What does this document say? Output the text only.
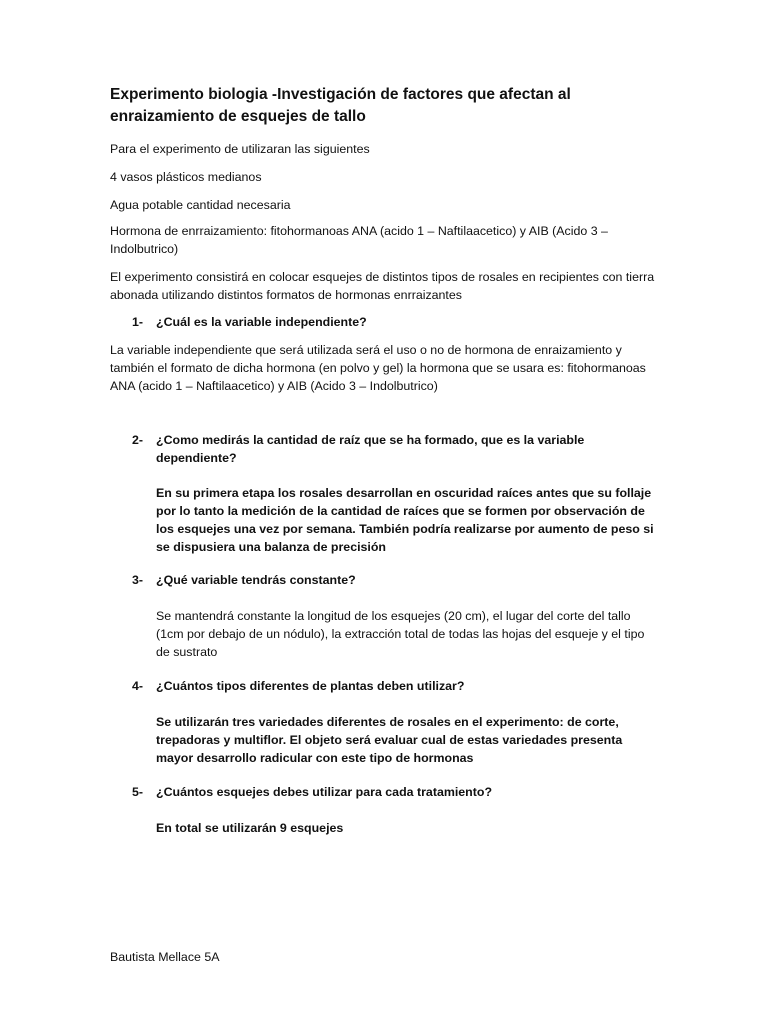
Experimento biologia -Investigación de factores que afectan al enraizamiento de esquejes de tallo

Para el experimento de utilizaran las siguientes

4 vasos plásticos medianos

Agua potable cantidad necesaria

Hormona de enrraizamiento: fitohormanoas ANA (acido 1 – Naftilaacetico) y AIB (Acido 3 – Indolbutrico)

El experimento consistirá en colocar esquejes de distintos tipos de rosales en recipientes con tierra abonada utilizando distintos formatos de hormonas enrraizantes

1-	¿Cuál es la variable independiente?

La variable independiente que será utilizada será el uso o no de hormona de enraizamiento y también el formato de dicha hormona (en polvo y gel) la hormona que se usara es: fitohormanoas ANA (acido 1 – Naftilaacetico) y AIB (Acido 3 – Indolbutrico)

2-	¿Como medirás la cantidad de raíz que se ha formado, que es la variable dependiente?

En su primera etapa los rosales desarrollan en oscuridad raíces antes que su follaje por lo tanto la medición de la cantidad de raíces que se formen por observación de los esquejes una vez por semana. También podría realizarse por aumento de peso si se dispusiera una balanza de precisión

3-	¿Qué variable tendrás constante?

Se mantendrá constante la longitud de los esquejes (20 cm), el lugar del corte del tallo (1cm por debajo de un nódulo), la extracción total de todas las hojas del esqueje y el tipo de sustrato

4-	¿Cuántos tipos diferentes de plantas deben utilizar?

Se utilizarán tres variedades diferentes de rosales en el experimento: de corte, trepadoras y multiflor. El objeto será evaluar cual de estas variedades presenta mayor desarrollo radicular con este tipo de hormonas

5-	¿Cuántos esquejes debes utilizar para cada tratamiento?

En total se utilizarán 9 esquejes

Bautista Mellace 5A
